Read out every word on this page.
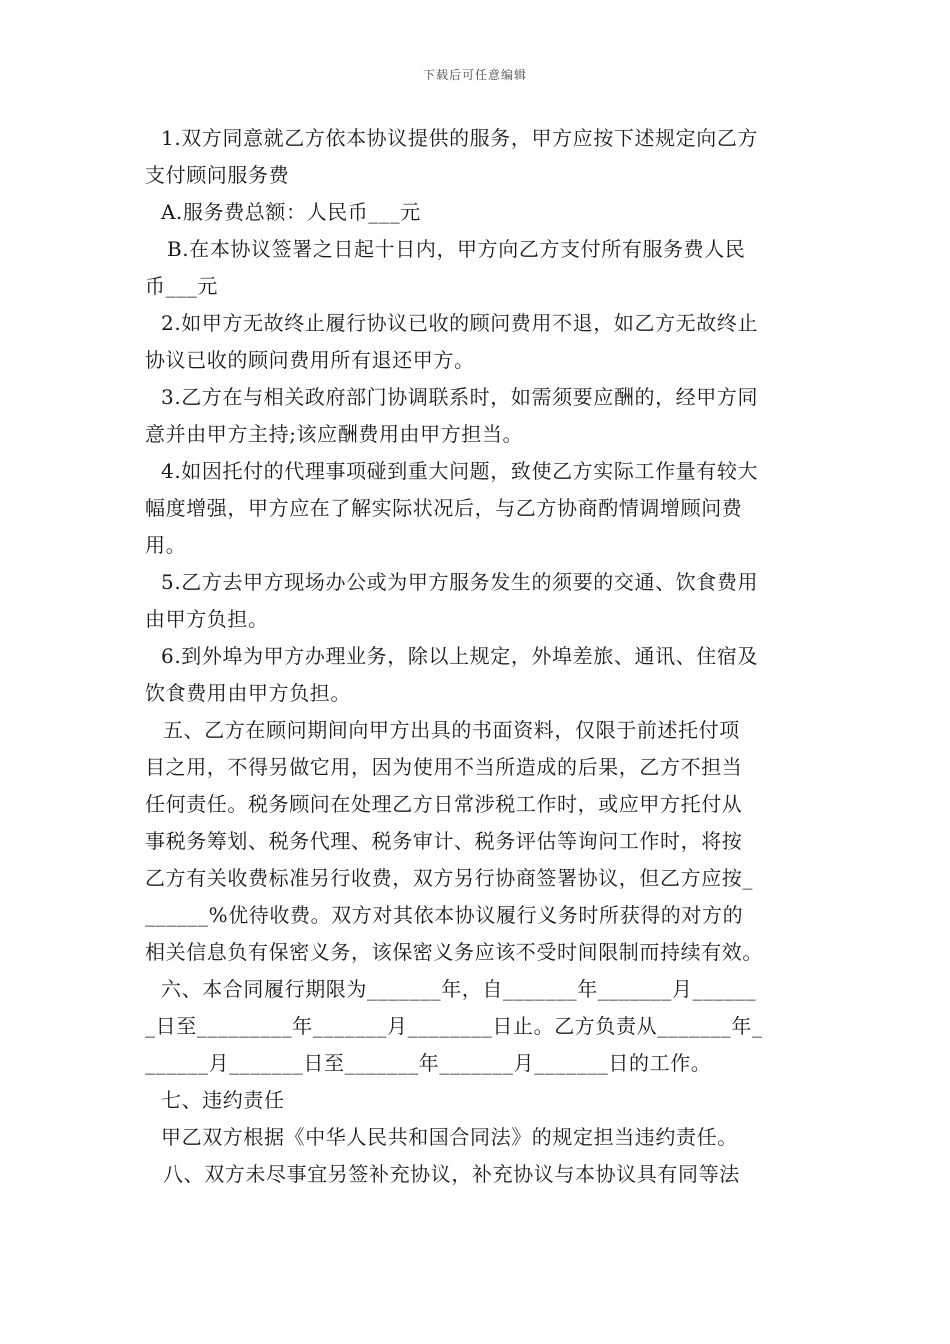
下载后可任意编辑
1.双方同意就乙方依本协议提供的服务，甲方应按下述规定向乙方
支付顾问服务费
A.服务费总额：人民币___元
B.在本协议签署之日起十日内，甲方向乙方支付所有服务费人民
币___元
2.如甲方无故终止履行协议已收的顾问费用不退，如乙方无故终止
协议已收的顾问费用所有退还甲方。
3.乙方在与相关政府部门协调联系时，如需须要应酬的，经甲方同
意并由甲方主持;该应酬费用由甲方担当。
4.如因托付的代理事项碰到重大问题，致使乙方实际工作量有较大
幅度增强，甲方应在了解实际状况后，与乙方协商酌情调增顾问费
用。
5.乙方去甲方现场办公或为甲方服务发生的须要的交通、饮食费用
由甲方负担。
6.到外埠为甲方办理业务，除以上规定，外埠差旅、通讯、住宿及
饮食费用由甲方负担。
五、乙方在顾问期间向甲方出具的书面资料，仅限于前述托付项
目之用，不得另做它用，因为使用不当所造成的后果，乙方不担当
任何责任。税务顾问在处理乙方日常涉税工作时，或应甲方托付从
事税务筹划、税务代理、税务审计、税务评估等询问工作时，将按
乙方有关收费标准另行收费，双方另行协商签署协议，但乙方应按_
______%优待收费。双方对其依本协议履行义务时所获得的对方的
相关信息负有保密义务，该保密义务应该不受时间限制而持续有效。
六、本合同履行期限为_______年，自_______年_______月______
_日至_________年_______月________日止。乙方负责从_______年_
______月_______日至_______年_______月_______日的工作。
七、违约责任
甲乙双方根据《中华人民共和国合同法》的规定担当违约责任。
八、双方未尽事宜另签补充协议，补充协议与本协议具有同等法
